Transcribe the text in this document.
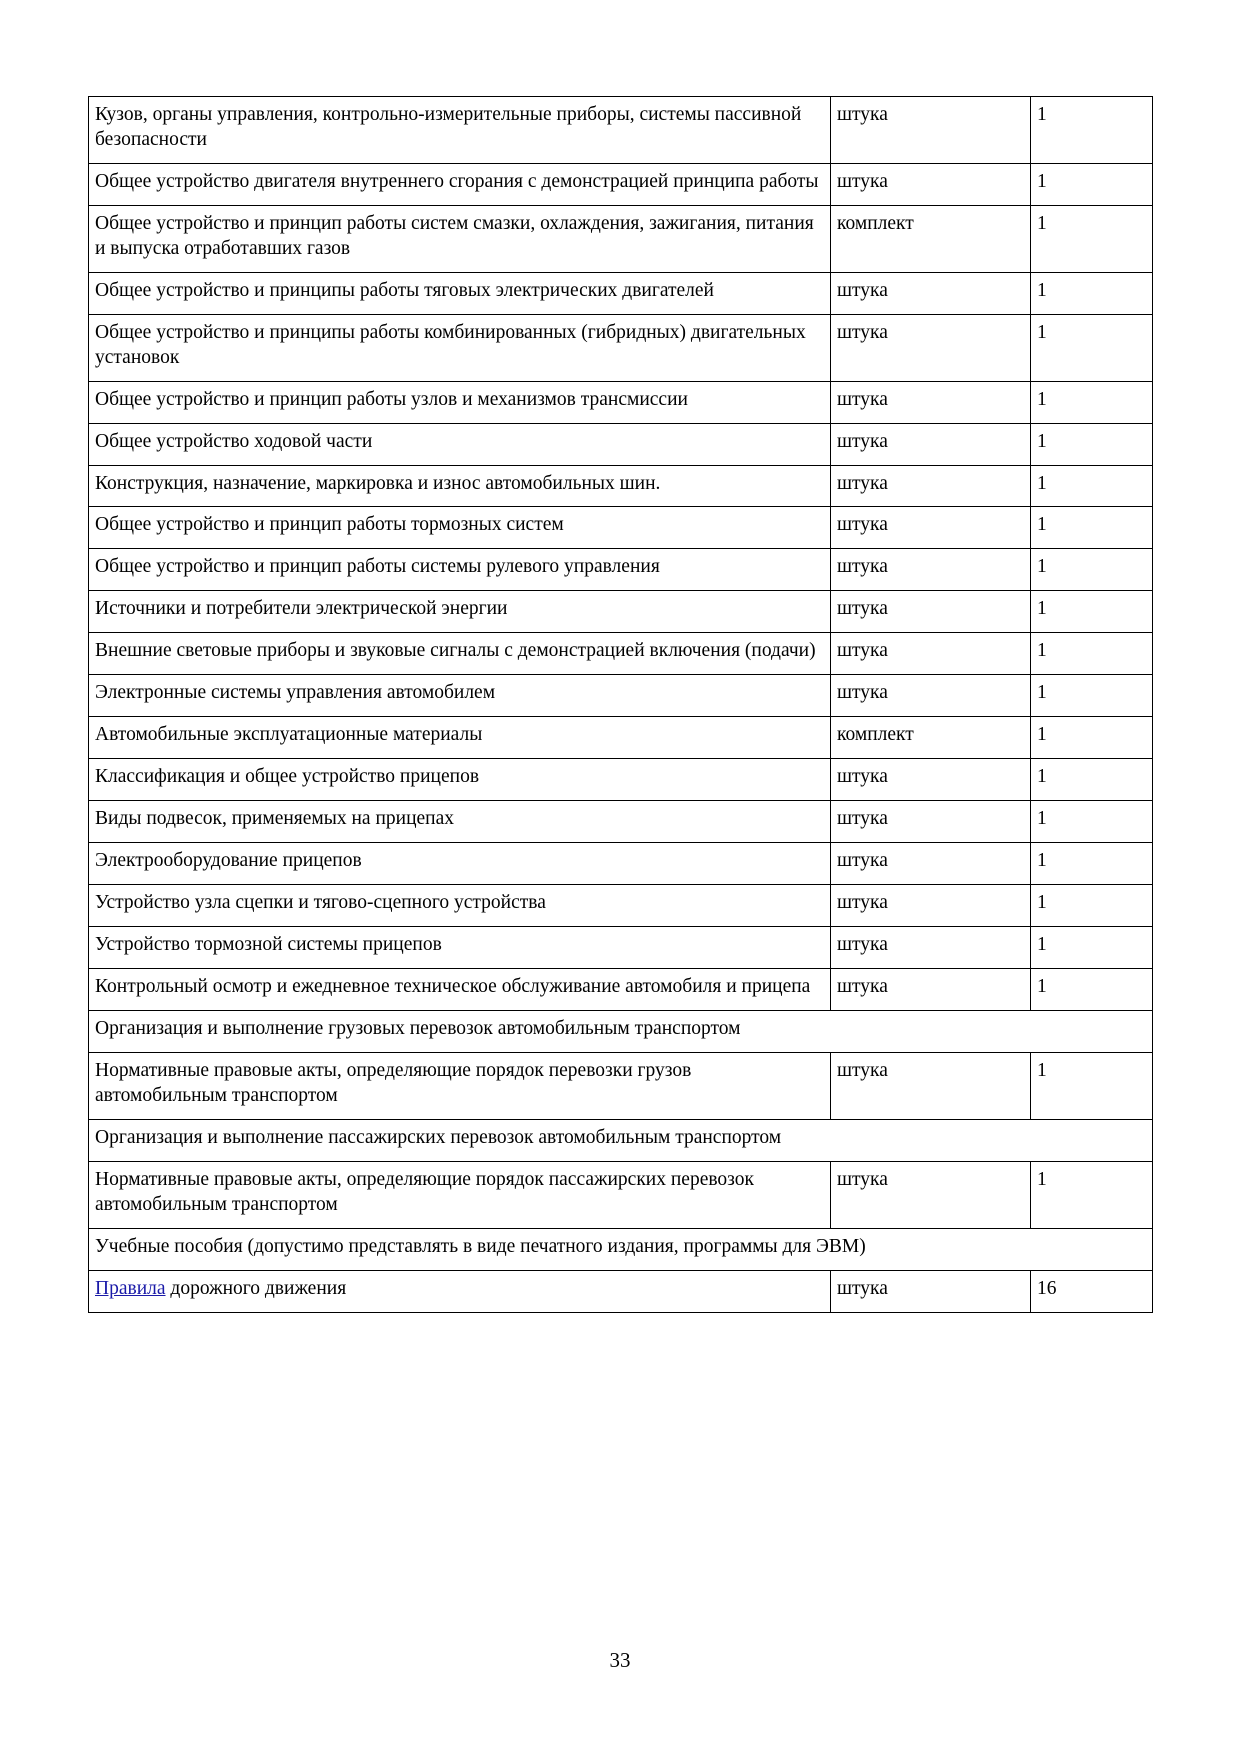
Кузов, органы управления, контрольно-измерительные приборы, системы пассивной безопасности	штука	1

Общее устройство двигателя внутреннего сгорания с демонстрацией принципа работы	штука	1

Общее устройство и принцип работы систем смазки, охлаждения, зажигания, питания и выпуска отработавших газов	комплект	1

Общее устройство и принципы работы тяговых электрических двигателей	штука	1

Общее устройство и принципы работы комбинированных (гибридных) двигательных установок	штука	1

Общее устройство и принцип работы узлов и механизмов трансмиссии	штука	1

Общее устройство ходовой части	штука	1

Конструкция, назначение, маркировка и износ автомобильных шин.	штука	1

Общее устройство и принцип работы тормозных систем	штука	1

Общее устройство и принцип работы системы рулевого управления	штука	1

Источники и потребители электрической энергии	штука	1

Внешние световые приборы и звуковые сигналы с демонстрацией включения (подачи)	штука	1

Электронные системы управления автомобилем	штука	1

Автомобильные эксплуатационные материалы	комплект	1

Классификация и общее устройство прицепов	штука	1

Виды подвесок, применяемых на прицепах	штука	1

Электрооборудование прицепов	штука	1

Устройство узла сцепки и тягово-сцепного устройства	штука	1

Устройство тормозной системы прицепов	штука	1

Контрольный осмотр и ежедневное техническое обслуживание автомобиля и прицепа	штука	1

Организация и выполнение грузовых перевозок автомобильным транспортом		

Нормативные правовые акты, определяющие порядок перевозки грузов автомобильным транспортом	штука	1

Организация и выполнение пассажирских перевозок автомобильным транспортом		

Нормативные правовые акты, определяющие порядок пассажирских перевозок автомобильным транспортом	штука	1

Учебные пособия (допустимо представлять в виде печатного издания, программы для ЭВМ)		

Правила дорожного движения	штука	16
33
